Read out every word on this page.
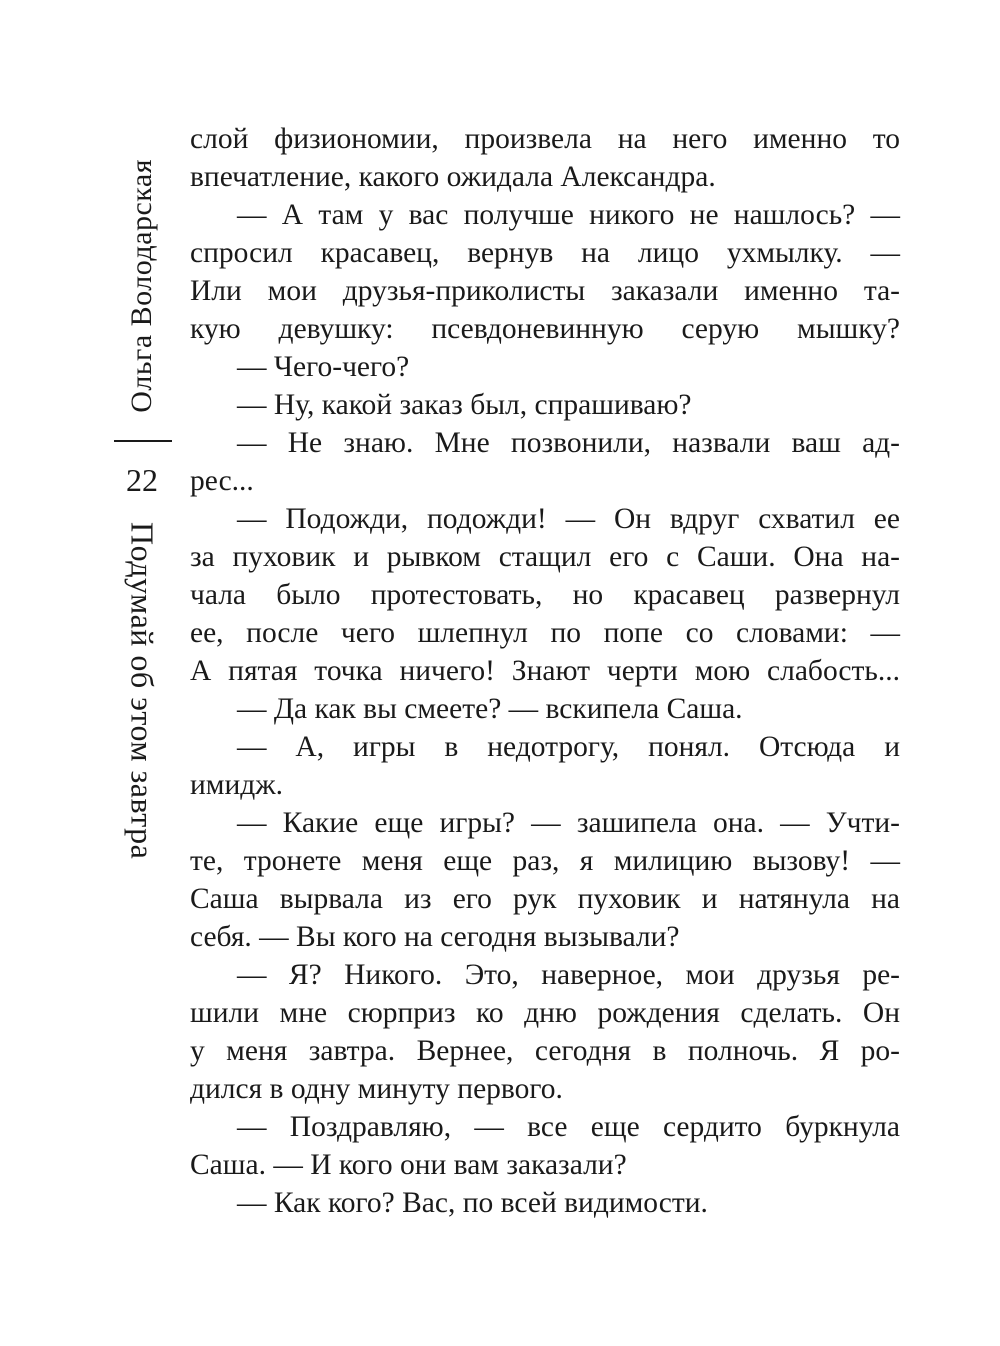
Ольга Володарская
22
Подумай об этом завтра
слой физиономии, произвела на него именно то
впечатление, какого ожидала Александра.
— А там у вас получше никого не нашлось? —
спросил красавец, вернув на лицо ухмылку. —
Или мои друзья-приколисты заказали именно та-
кую девушку: псевдоневинную серую мышку?
— Чего-чего?
— Ну, какой заказ был, спрашиваю?
— Не знаю. Мне позвонили, назвали ваш ад-
рес...
— Подожди, подожди! — Он вдруг схватил ее
за пуховик и рывком стащил его с Саши. Она на-
чала было протестовать, но красавец развернул
ее, после чего шлепнул по попе со словами: —
А пятая точка ничего! Знают черти мою слабость...
— Да как вы смеете? — вскипела Саша.
— А, игры в недотрогу, понял. Отсюда и
имидж.
— Какие еще игры? — зашипела она. — Учти-
те, тронете меня еще раз, я милицию вызову! —
Саша вырвала из его рук пуховик и натянула на
себя. — Вы кого на сегодня вызывали?
— Я? Никого. Это, наверное, мои друзья ре-
шили мне сюрприз ко дню рождения сделать. Он
у меня завтра. Вернее, сегодня в полночь. Я ро-
дился в одну минуту первого.
— Поздравляю, — все еще сердито буркнула
Саша. — И кого они вам заказали?
— Как кого? Вас, по всей видимости.
